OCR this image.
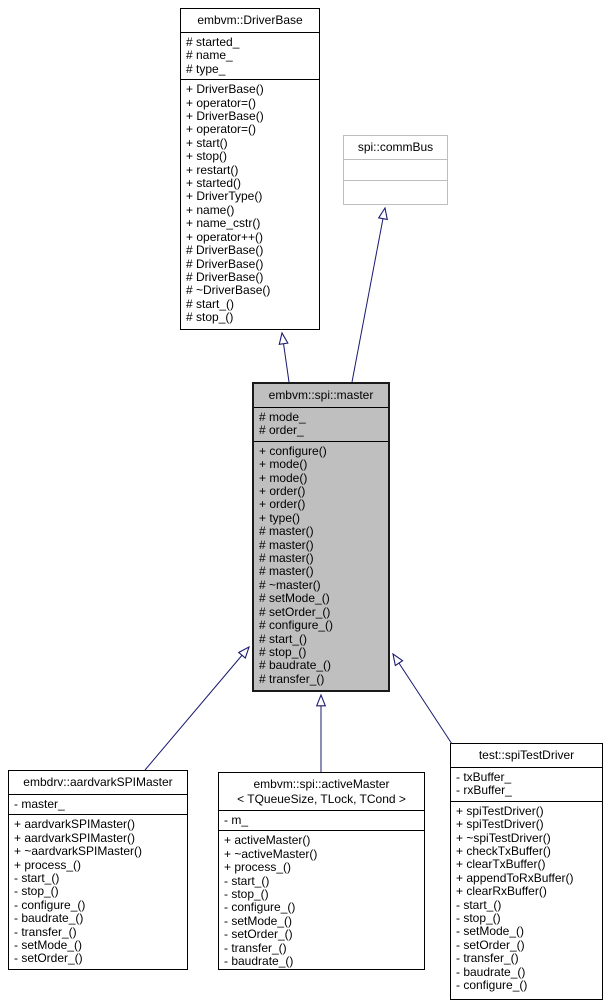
embvm::DriverBase
# started_
# name_
# type_
+ DriverBase()
+ operator=()
+ DriverBase()
+ operator=()
+ start()
+ stop()
+ restart()
+ started()
+ DriverType()
+ name()
+ name_cstr()
+ operator++()
# DriverBase()
# DriverBase()
# DriverBase()
# ~DriverBase()
# start_()
# stop_()
spi::commBus
embvm::spi::master
# mode_
# order_
+ configure()
+ mode()
+ mode()
+ order()
+ order()
+ type()
# master()
# master()
# master()
# master()
# ~master()
# setMode_()
# setOrder_()
# configure_()
# start_()
# stop_()
# baudrate_()
# transfer_()
embdrv::aardvarkSPIMaster
- master_
+ aardvarkSPIMaster()
+ aardvarkSPIMaster()
+ ~aardvarkSPIMaster()
+ process_()
- start_()
- stop_()
- configure_()
- baudrate_()
- transfer_()
- setMode_()
- setOrder_()
embvm::spi::activeMaster
< TQueueSize, TLock, TCond >
- m_
+ activeMaster()
+ ~activeMaster()
+ process_()
- start_()
- stop_()
- configure_()
- setMode_()
- setOrder_()
- transfer_()
- baudrate_()
test::spiTestDriver
- txBuffer_
- rxBuffer_
+ spiTestDriver()
+ spiTestDriver()
+ ~spiTestDriver()
+ checkTxBuffer()
+ clearTxBuffer()
+ appendToRxBuffer()
+ clearRxBuffer()
- start_()
- stop_()
- setMode_()
- setOrder_()
- transfer_()
- baudrate_()
- configure_()
